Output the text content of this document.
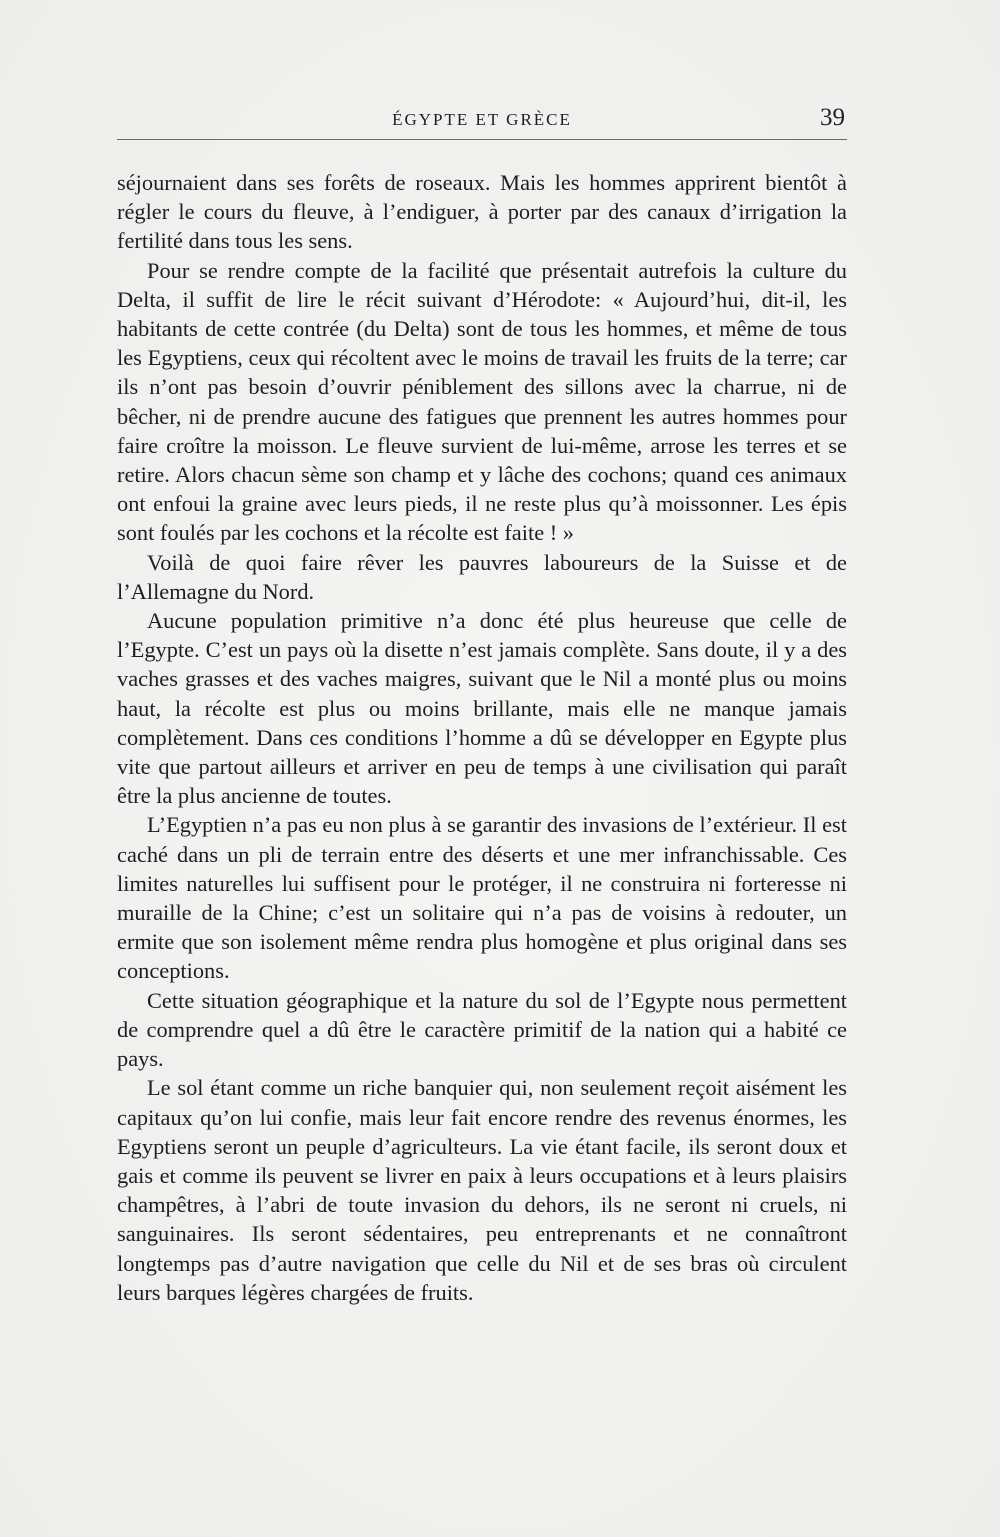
ÉGYPTE ET GRÈCE	39

séjournaient dans ses forêts de roseaux. Mais les hommes apprirent bientôt à régler le cours du fleuve, à l’endiguer, à porter par des canaux d’irrigation la fertilité dans tous les sens.

Pour se rendre compte de la facilité que présentait autrefois la culture du Delta, il suffit de lire le récit suivant d’Hérodote: « Aujourd’hui, dit-il, les habitants de cette contrée (du Delta) sont de tous les hommes, et même de tous les Egyptiens, ceux qui récoltent avec le moins de travail les fruits de la terre; car ils n’ont pas besoin d’ouvrir péniblement des sillons avec la charrue, ni de bêcher, ni de prendre aucune des fatigues que prennent les autres hommes pour faire croître la moisson. Le fleuve survient de lui-même, arrose les terres et se retire. Alors chacun sème son champ et y lâche des cochons; quand ces animaux ont enfoui la graine avec leurs pieds, il ne reste plus qu’à moissonner. Les épis sont foulés par les cochons et la récolte est faite ! »

Voilà de quoi faire rêver les pauvres laboureurs de la Suisse et de l’Allemagne du Nord.

Aucune population primitive n’a donc été plus heureuse que celle de l’Egypte. C’est un pays où la disette n’est jamais complète. Sans doute, il y a des vaches grasses et des vaches maigres, suivant que le Nil a monté plus ou moins haut, la récolte est plus ou moins brillante, mais elle ne manque jamais complètement. Dans ces conditions l’homme a dû se développer en Egypte plus vite que partout ailleurs et arriver en peu de temps à une civilisation qui paraît être la plus ancienne de toutes.

L’Egyptien n’a pas eu non plus à se garantir des invasions de l’extérieur. Il est caché dans un pli de terrain entre des déserts et une mer infranchissable. Ces limites naturelles lui suffisent pour le protéger, il ne construira ni forteresse ni muraille de la Chine; c’est un solitaire qui n’a pas de voisins à redouter, un ermite que son isolement même rendra plus homogène et plus original dans ses conceptions.

Cette situation géographique et la nature du sol de l’Egypte nous permettent de comprendre quel a dû être le caractère primitif de la nation qui a habité ce pays.

Le sol étant comme un riche banquier qui, non seulement reçoit aisément les capitaux qu’on lui confie, mais leur fait encore rendre des revenus énormes, les Egyptiens seront un peuple d’agriculteurs. La vie étant facile, ils seront doux et gais et comme ils peuvent se livrer en paix à leurs occupations et à leurs plaisirs champêtres, à l’abri de toute invasion du dehors, ils ne seront ni cruels, ni sanguinaires. Ils seront sédentaires, peu entreprenants et ne connaîtront longtemps pas d’autre navigation que celle du Nil et de ses bras où circulent leurs barques légères chargées de fruits.
